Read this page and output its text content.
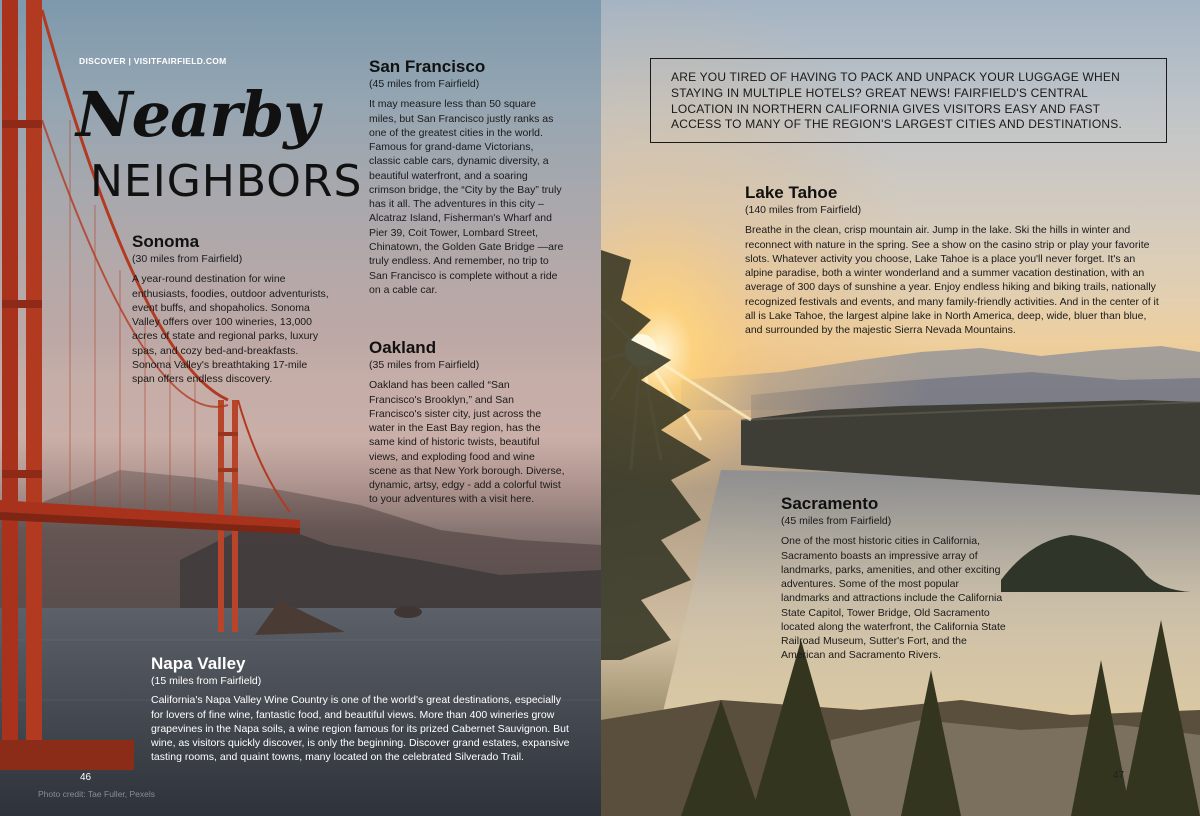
DISCOVER | VISITFAIRFIELD.COM
Nearby
NEIGHBORS
Sonoma
(30 miles from Fairfield)
A year-round destination for wine enthusiasts, foodies, outdoor adventurists, event buffs, and shopaholics. Sonoma Valley offers over 100 wineries, 13,000 acres of state and regional parks, luxury spas, and cozy bed-and-breakfasts. Sonoma Valley's breathtaking 17-mile span offers endless discovery.
San Francisco
(45 miles from Fairfield)
It may measure less than 50 square miles, but San Francisco justly ranks as one of the greatest cities in the world. Famous for grand-dame Victorians, classic cable cars, dynamic diversity, a beautiful waterfront, and a soaring crimson bridge, the “City by the Bay” truly has it all. The adventures in this city – Alcatraz Island, Fisherman's Wharf and Pier 39, Coit Tower, Lombard Street, Chinatown, the Golden Gate Bridge —are truly endless. And remember, no trip to San Francisco is complete without a ride on a cable car.
Oakland
(35 miles from Fairfield)
Oakland has been called “San Francisco's Brooklyn,” and San Francisco's sister city, just across the water in the East Bay region, has the same kind of historic twists, beautiful views, and exploding food and wine scene as that New York borough. Diverse, dynamic, artsy, edgy - add a colorful twist to your adventures with a visit here.
Napa Valley
(15 miles from Fairfield)
California's Napa Valley Wine Country is one of the world's great destinations, especially for lovers of fine wine, fantastic food, and beautiful views. More than 400 wineries grow grapevines in the Napa soils, a wine region famous for its prized Cabernet Sauvignon. But wine, as visitors quickly discover, is only the beginning. Discover grand estates, expansive tasting rooms, and quaint towns, many located on the celebrated Silverado Trail.
46
Photo credit: Tae Fuller, Pexels
47
ARE YOU TIRED OF HAVING TO PACK AND UNPACK YOUR LUGGAGE WHEN STAYING IN MULTIPLE HOTELS? GREAT NEWS! FAIRFIELD'S CENTRAL LOCATION IN NORTHERN CALIFORNIA GIVES VISITORS EASY AND FAST ACCESS TO MANY OF THE REGION'S LARGEST CITIES AND DESTINATIONS.
Lake Tahoe
(140 miles from Fairfield)
Breathe in the clean, crisp mountain air. Jump in the lake. Ski the hills in winter and reconnect with nature in the spring. See a show on the casino strip or play your favorite slots. Whatever activity you choose, Lake Tahoe is a place you'll never forget. It's an alpine paradise, both a winter wonderland and a summer vacation destination, with an average of 300 days of sunshine a year. Enjoy endless hiking and biking trails, nationally recognized festivals and events, and many family-friendly activities. And in the center of it all is Lake Tahoe, the largest alpine lake in North America, deep, wide, bluer than blue, and surrounded by the majestic Sierra Nevada Mountains.
Sacramento
(45 miles from Fairfield)
One of the most historic cities in California, Sacramento boasts an impressive array of landmarks, parks, amenities, and other exciting adventures. Some of the most popular landmarks and attractions include the California State Capitol, Tower Bridge, Old Sacramento located along the waterfront, the California State Railroad Museum, Sutter's Fort, and the American and Sacramento Rivers.
